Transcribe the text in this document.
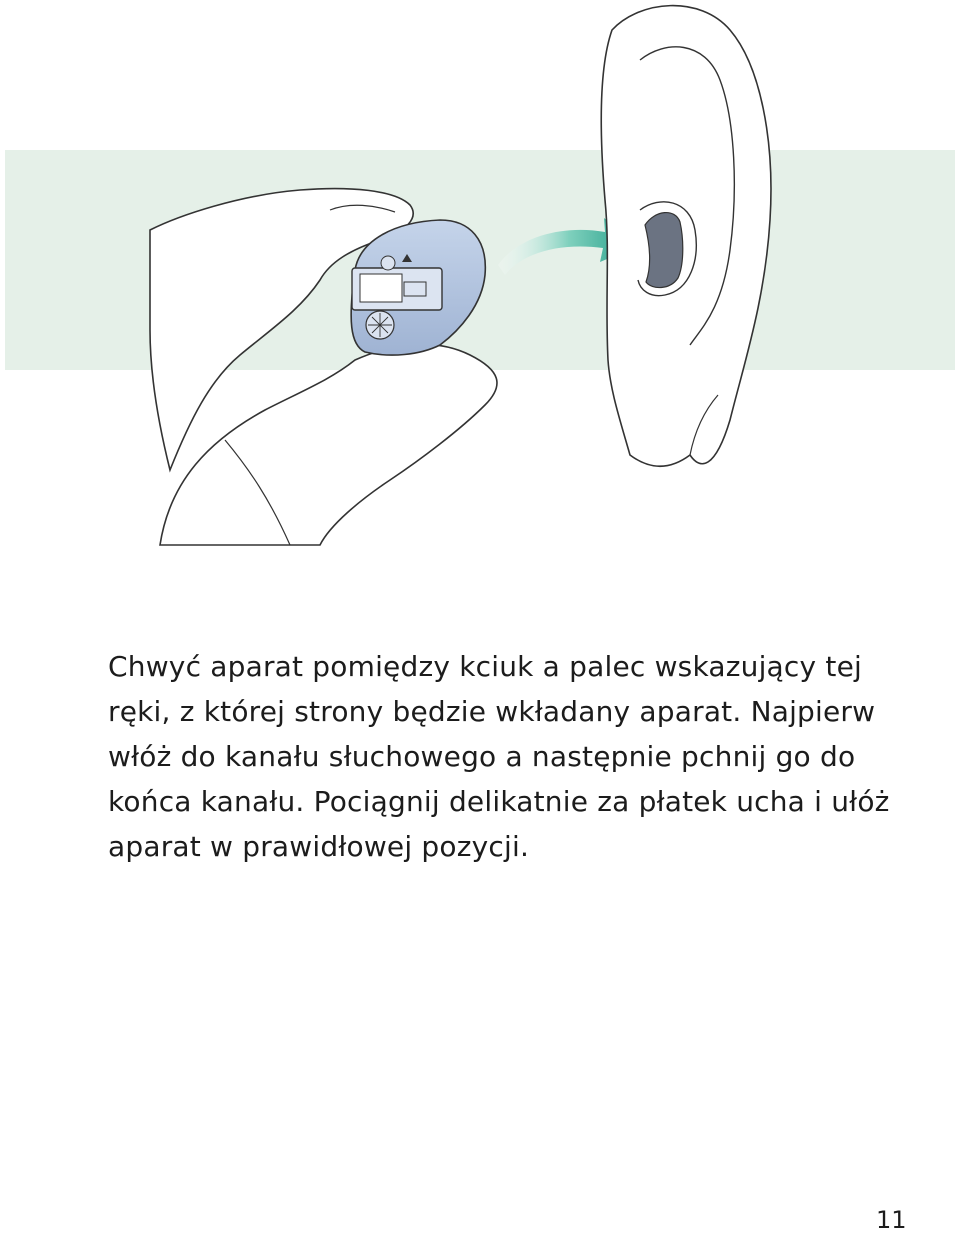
Chwyć aparat pomiędzy kciuk a palec wskazujący tej
ręki, z której strony będzie wkładany aparat. Najpierw
włóż do kanału słuchowego a następnie pchnij go do
końca kanału. Pociągnij delikatnie za płatek ucha i ułóż
aparat w prawidłowej pozycji.

11
